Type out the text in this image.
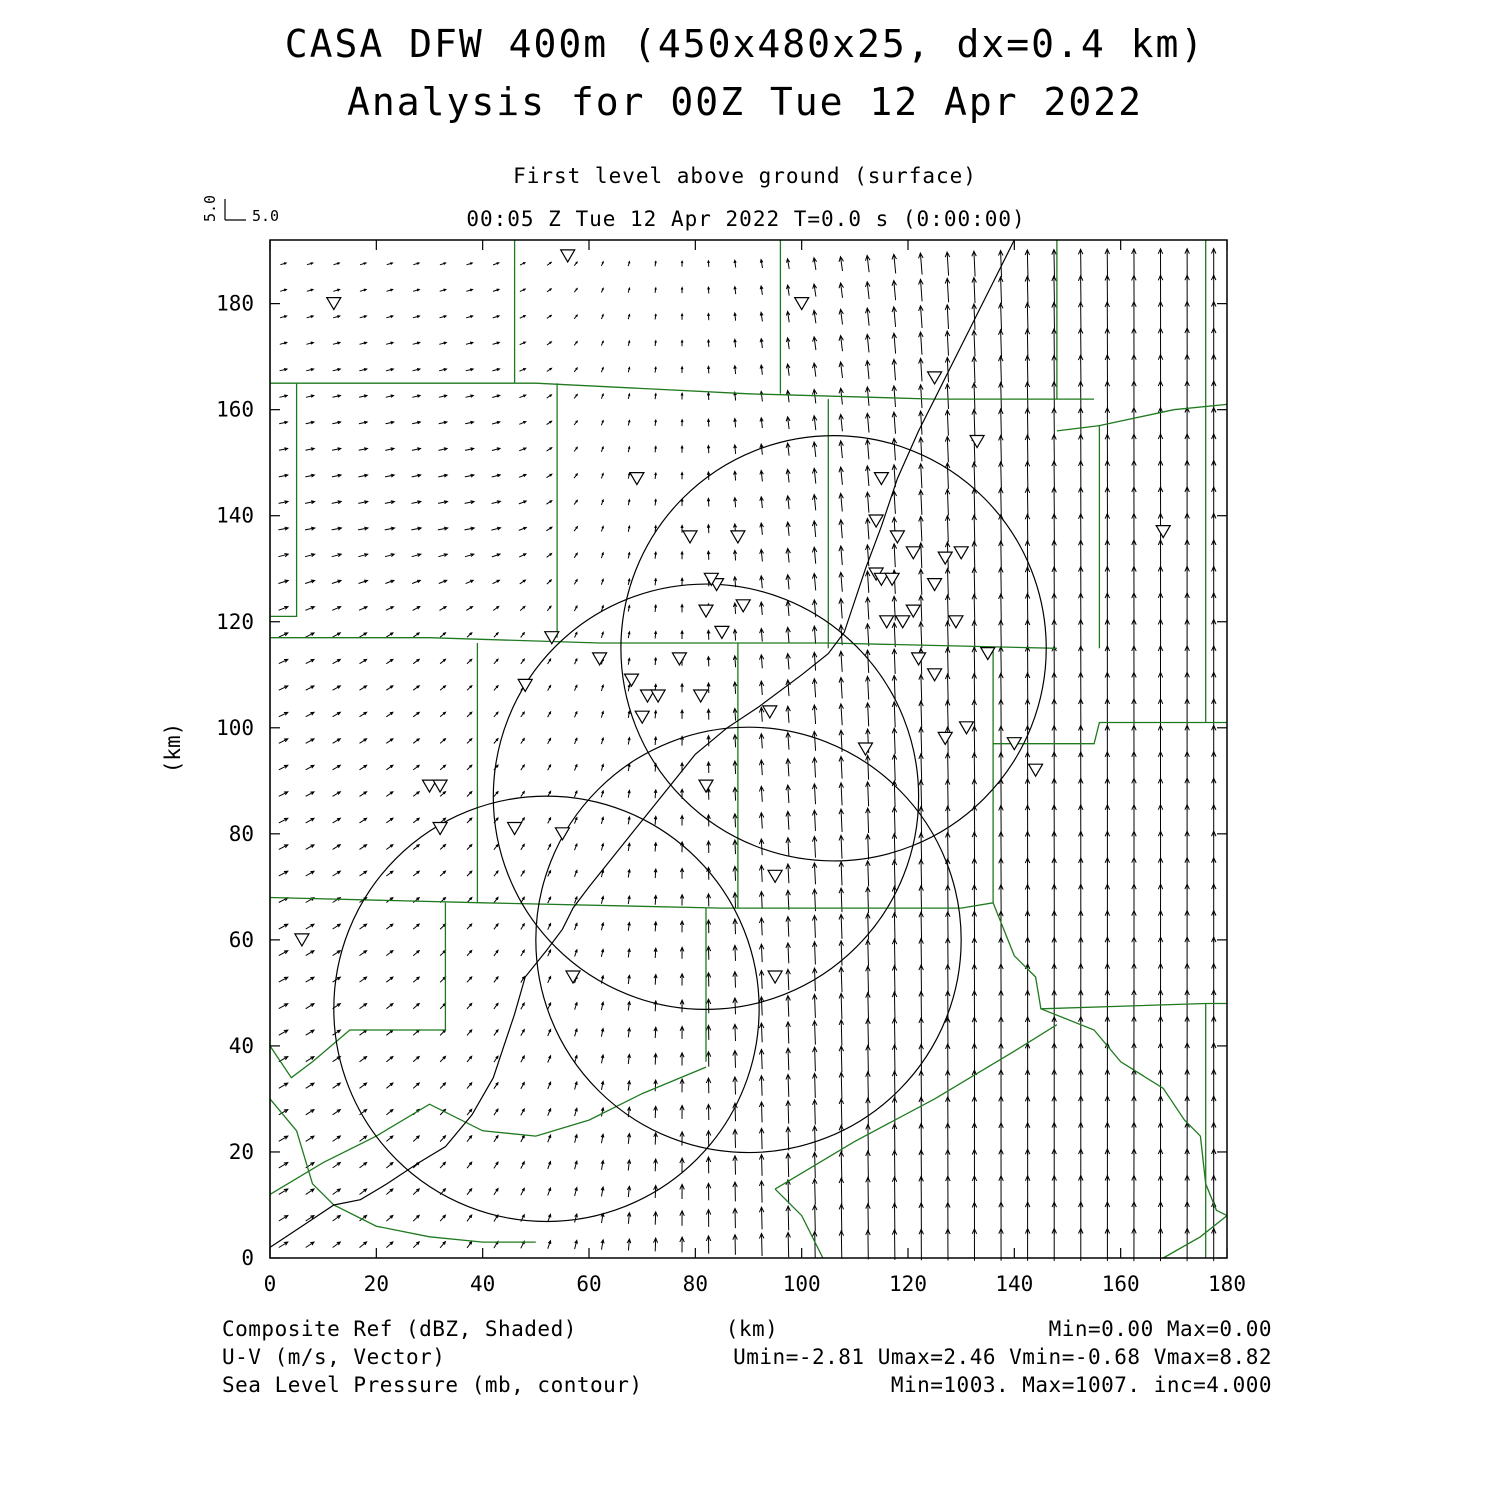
CASA DFW 400m (450x480x25, dx=0.4 km)
Analysis for 00Z Tue 12 Apr 2022
First level above ground (surface)
00:05 Z Tue 12 Apr 2022 T=0.0 s (0:00:00)
5.0
5.0
0	20	40	60	80	100	120	140	160	180
0
20
40
60
80
100
120
140
160
180
(km)
Composite Ref (dBZ, Shaded)
U-V (m/s, Vector)
Sea Level Pressure (mb, contour)
(km)	Min=0.00 Max=0.00
Umin=-2.81 Umax=2.46 Vmin=-0.68 Vmax=8.82
Min=1003. Max=1007. inc=4.000
